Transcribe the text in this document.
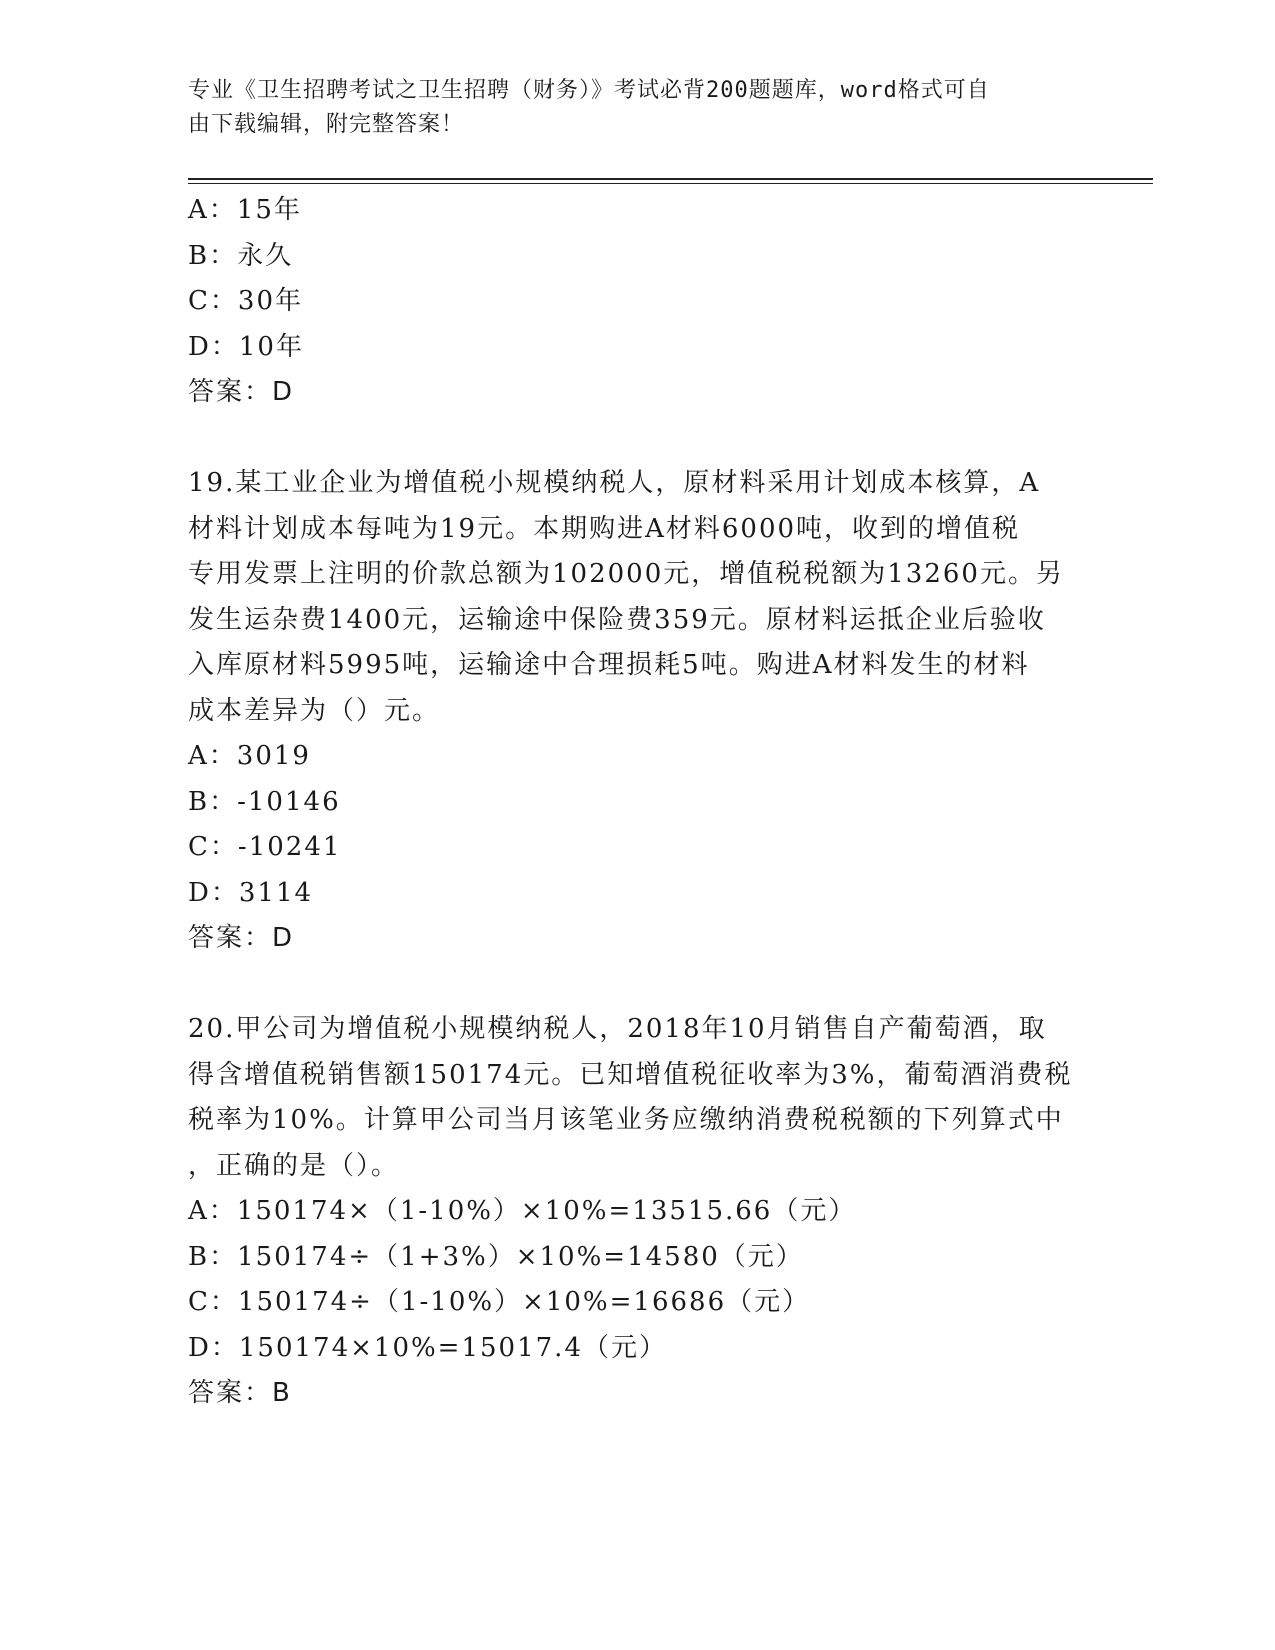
专业《卫生招聘考试之卫生招聘（财务）》考试必背200题题库，word格式可自
由下载编辑，附完整答案！
A：15年
B：永久
C：30年
D：10年
答案：D
19.某工业企业为增值税小规模纳税人，原材料采用计划成本核算，A
材料计划成本每吨为19元。本期购进A材料6000吨，收到的增值税
专用发票上注明的价款总额为102000元，增值税税额为13260元。另
发生运杂费1400元，运输途中保险费359元。原材料运抵企业后验收
入库原材料5995吨，运输途中合理损耗5吨。购进A材料发生的材料
成本差异为（）元。
A：3019
B：-10146
C：-10241
D：3114
答案：D
20.甲公司为增值税小规模纳税人，2018年10月销售自产葡萄酒，取
得含增值税销售额150174元。已知增值税征收率为3%，葡萄酒消费税
税率为10%。计算甲公司当月该笔业务应缴纳消费税税额的下列算式中
，正确的是（）。
A：150174×（1-10%）×10%=13515.66（元）
B：150174÷（1+3%）×10%=14580（元）
C：150174÷（1-10%）×10%=16686（元）
D：150174×10%=15017.4（元）
答案：B
